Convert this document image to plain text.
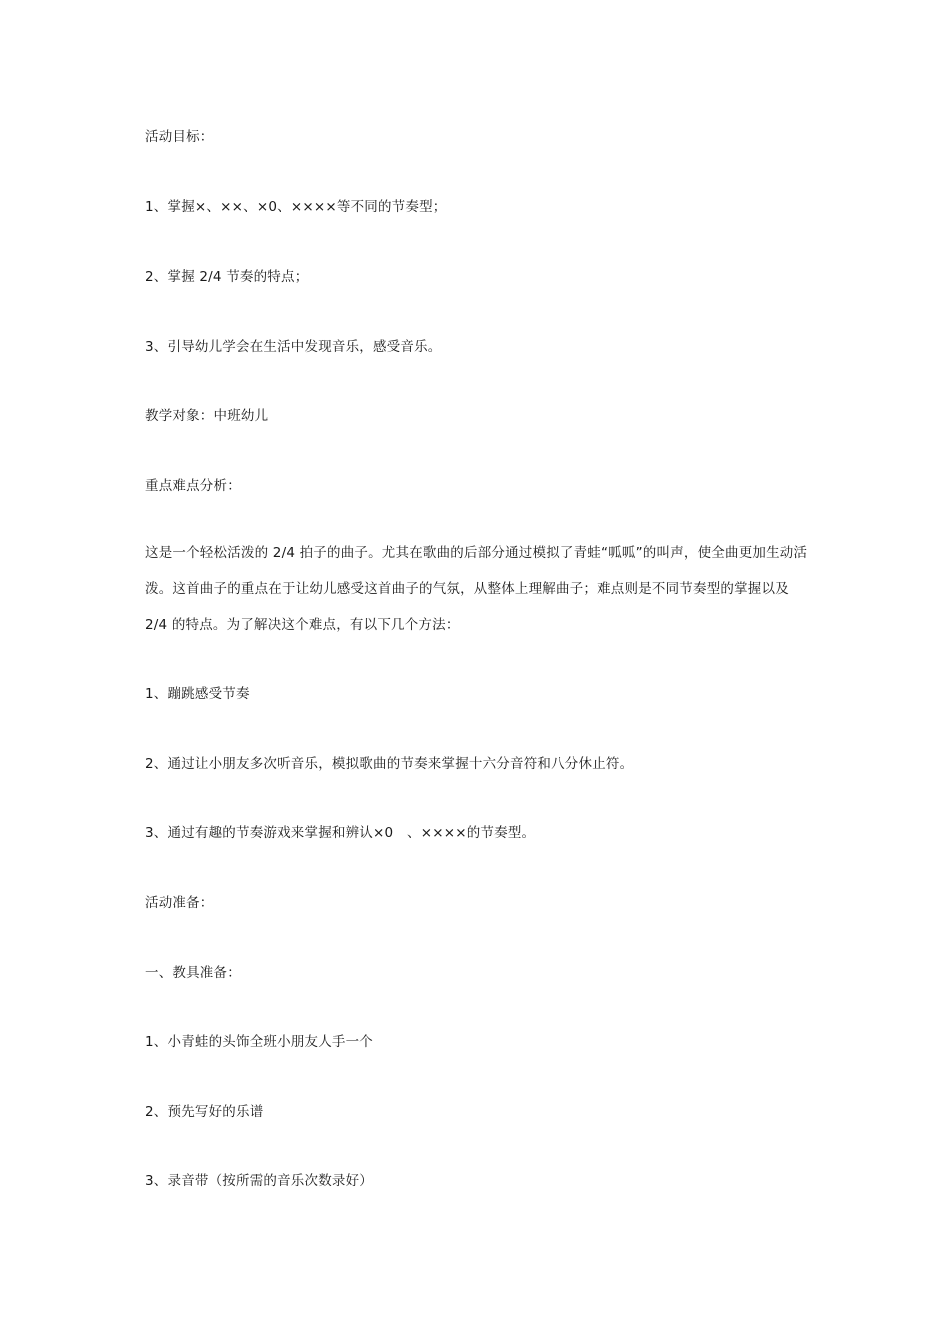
活动目标：
1、掌握×、××、×0、××××等不同的节奏型；
2、掌握 2/4 节奏的特点；
3、引导幼儿学会在生活中发现音乐，感受音乐。
教学对象：中班幼儿
重点难点分析：
这是一个轻松活泼的 2/4 拍子的曲子。尤其在歌曲的后部分通过模拟了青蛙“呱呱”的叫声，使全曲更加生动活泼。这首曲子的重点在于让幼儿感受这首曲子的气氛，从整体上理解曲子；难点则是不同节奏型的掌握以及 2/4 的特点。为了解决这个难点，有以下几个方法：
1、蹦跳感受节奏
2、通过让小朋友多次听音乐，模拟歌曲的节奏来掌握十六分音符和八分休止符。
3、通过有趣的节奏游戏来掌握和辨认×0　、××××的节奏型。
活动准备：
一、教具准备：
1、小青蛙的头饰全班小朋友人手一个
2、预先写好的乐谱
3、录音带（按所需的音乐次数录好）
